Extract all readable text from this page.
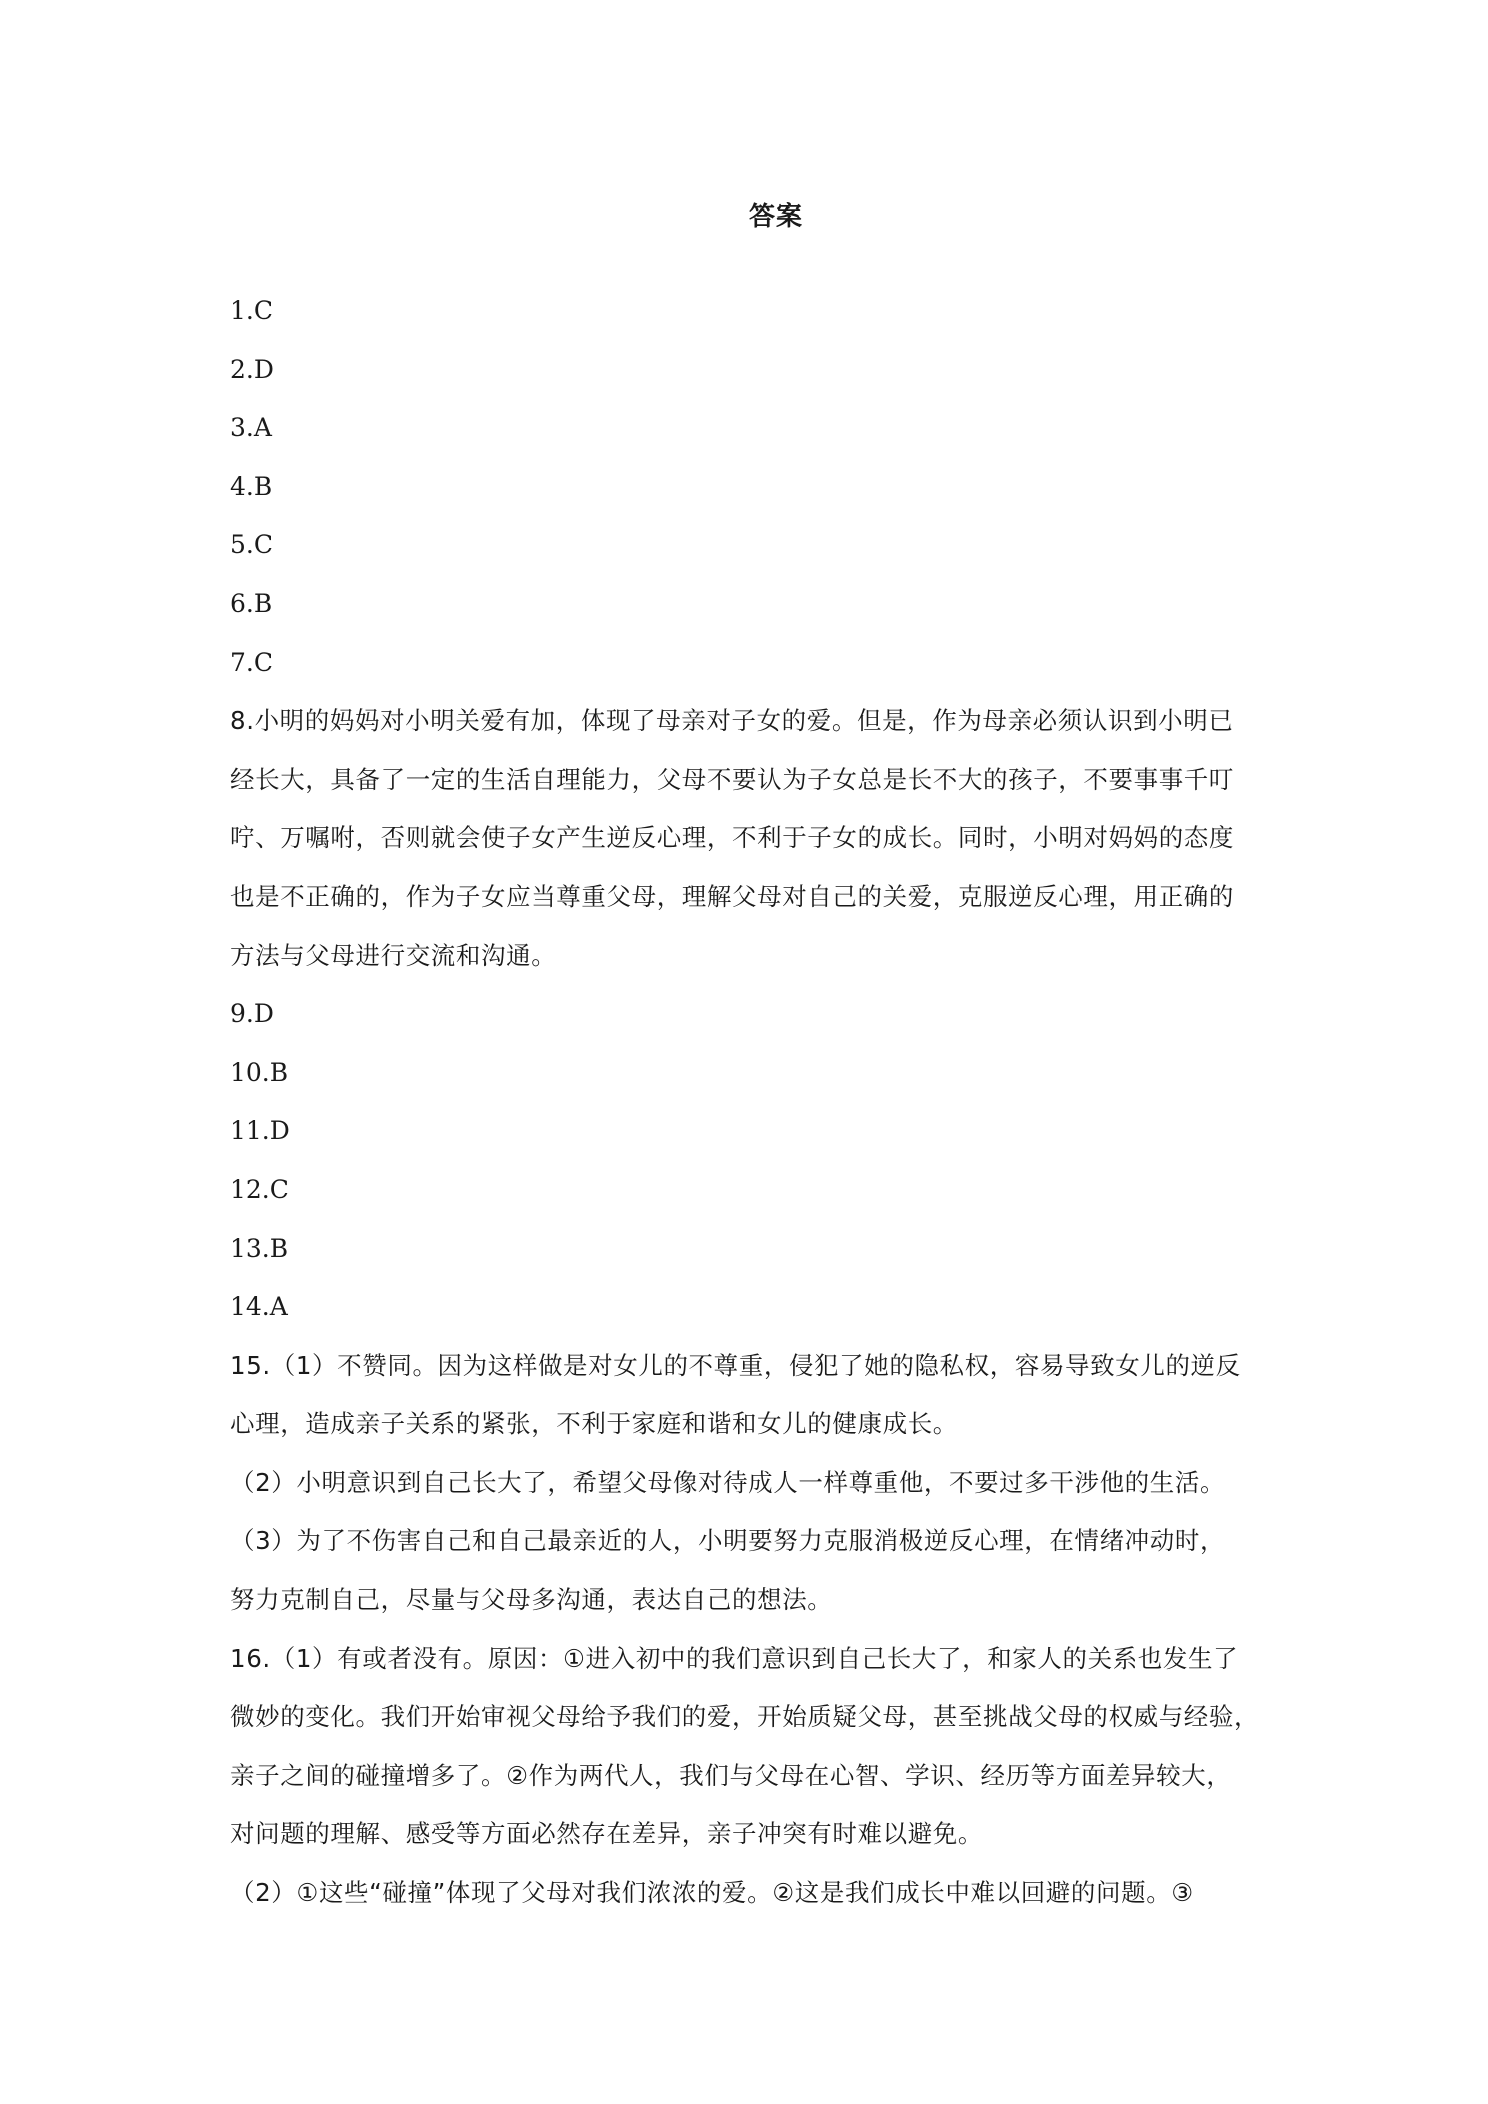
答案
1.C
2.D
3.A
4.B
5.C
6.B
7.C
8.小明的妈妈对小明关爱有加，体现了母亲对子女的爱。但是，作为母亲必须认识到小明已
经长大，具备了一定的生活自理能力，父母不要认为子女总是长不大的孩子，不要事事千叮
咛、万嘱咐，否则就会使子女产生逆反心理，不利于子女的成长。同时，小明对妈妈的态度
也是不正确的，作为子女应当尊重父母，理解父母对自己的关爱，克服逆反心理，用正确的
方法与父母进行交流和沟通。
9.D
10.B
11.D
12.C
13.B
14.A
15.（1）不赞同。因为这样做是对女儿的不尊重，侵犯了她的隐私权，容易导致女儿的逆反
心理，造成亲子关系的紧张，不利于家庭和谐和女儿的健康成长。
（2）小明意识到自己长大了，希望父母像对待成人一样尊重他，不要过多干涉他的生活。
（3）为了不伤害自己和自己最亲近的人，小明要努力克服消极逆反心理，在情绪冲动时，
努力克制自己，尽量与父母多沟通，表达自己的想法。
16.（1）有或者没有。原因：①进入初中的我们意识到自己长大了，和家人的关系也发生了
微妙的变化。我们开始审视父母给予我们的爱，开始质疑父母，甚至挑战父母的权威与经验，
亲子之间的碰撞增多了。②作为两代人，我们与父母在心智、学识、经历等方面差异较大，
对问题的理解、感受等方面必然存在差异，亲子冲突有时难以避免。
（2）①这些“碰撞”体现了父母对我们浓浓的爱。②这是我们成长中难以回避的问题。③
